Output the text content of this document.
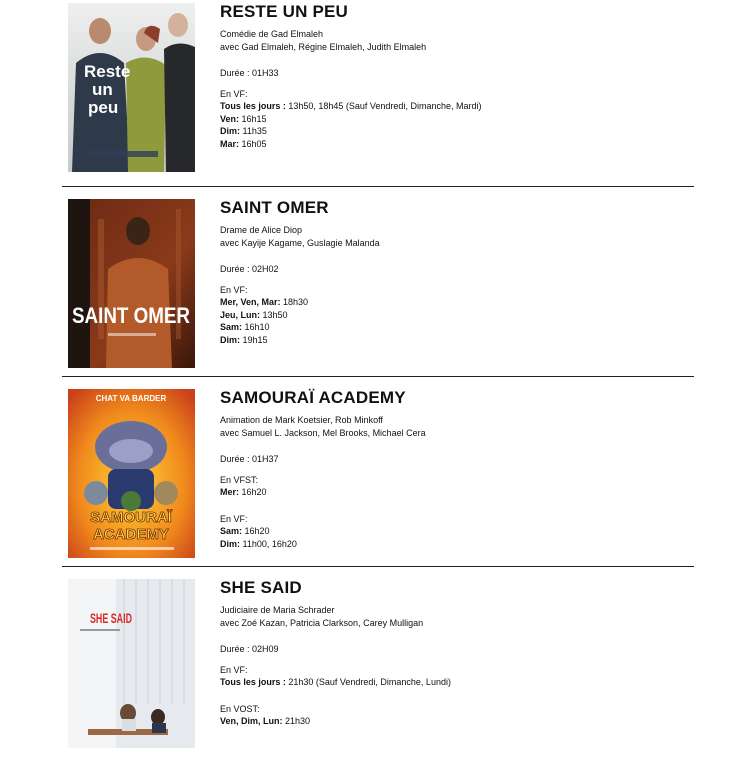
Reste
un
peu
RESTE UN PEU

Comédie de Gad Elmaleh

avec Gad Elmaleh, Régine Elmaleh, Judith Elmaleh

Durée : 01H33

En VF:

Tous les jours : 13h50, 18h45 (Sauf Vendredi, Dimanche, Mardi)

Ven: 16h15

Dim: 11h35

Mar: 16h05

SAINT OMER
SAINT OMER

Drame de Alice Diop

avec Kayije Kagame, Guslagie Malanda

Durée : 02H02

En VF:

Mer, Ven, Mar: 18h30

Jeu, Lun: 13h50

Sam: 16h10

Dim: 19h15

CHAT VA BARDER
SAMOURAÏ
ACADEMY
SAMOURAÏ ACADEMY

Animation de Mark Koetsier, Rob Minkoff

avec Samuel L. Jackson, Mel Brooks, Michael Cera

Durée : 01H37

En VFST:

Mer: 16h20

En VF:

Sam: 16h20

Dim: 11h00, 16h20

SHE SAID
SHE SAID

Judiciaire de Maria Schrader

avec Zoé Kazan, Patricia Clarkson, Carey Mulligan

Durée : 02H09

En VF:

Tous les jours : 21h30 (Sauf Vendredi, Dimanche, Lundi)

En VOST:

Ven, Dim, Lun: 21h30
